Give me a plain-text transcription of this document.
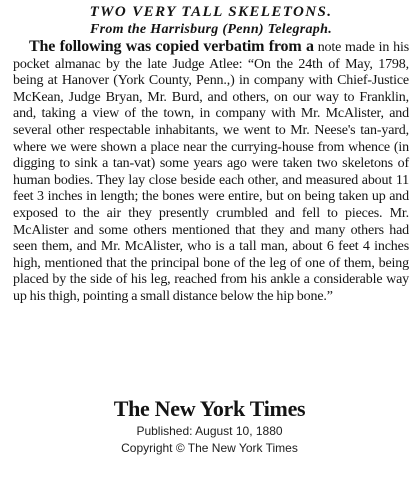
TWO VERY TALL SKELETONS.

From the Harrisburg (Penn) Telegraph.

The following was copied verbatim from a note made in his pocket almanac by the late Judge Atlee: “On the 24th of May, 1798, being at Hanover (York County, Penn.,) in company with Chief-Justice McKean, Judge Bryan, Mr. Burd, and others, on our way to Franklin, and, taking a view of the town, in company with Mr. McAlister, and several other respectable inhabitants, we went to Mr. Neese's tan-yard, where we were shown a place near the currying-house from whence (in digging to sink a tan-vat) some years ago were taken two skeletons of human bodies. They lay close beside each other, and measured about 11 feet 3 inches in length; the bones were entire, but on being taken up and exposed to the air they presently crumbled and fell to pieces. Mr. McAlister and some others mentioned that they and many others had seen them, and Mr. McAlister, who is a tall man, about 6 feet 4 inches high, mentioned that the principal bone of the leg of one of them, being placed by the side of his leg, reached from his ankle a considerable way up his thigh, pointing a small distance below the hip bone.”

The New York Times

Published: August 10, 1880

Copyright © The New York Times
